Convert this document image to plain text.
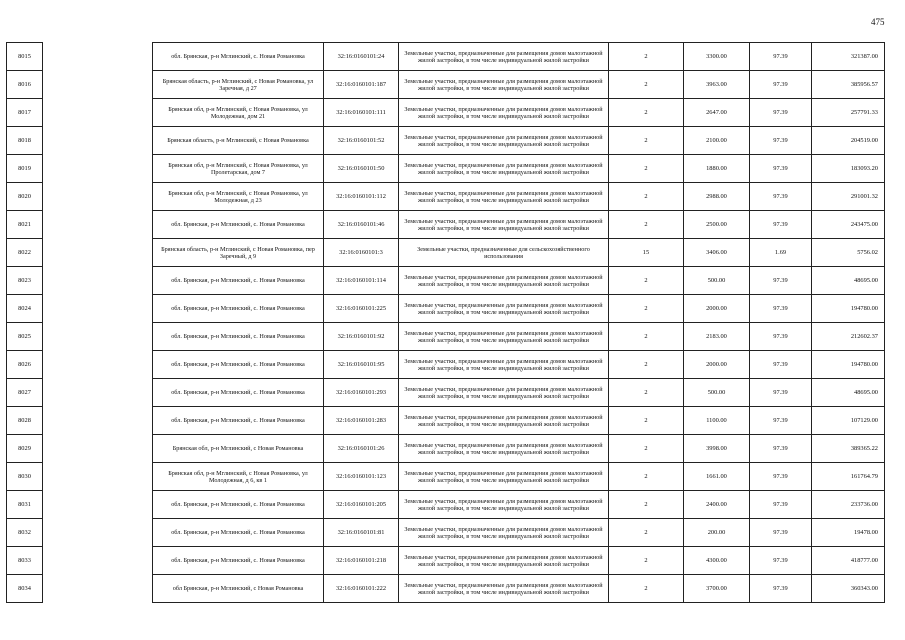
475
8015		обл. Брянская, р-н Мглинский, с. Новая Романовка	32:16:0160101:24	Земельные участки, предназначенные для размещения домов малоэтажной жилой застройки, в том числе индивидуальной жилой застройки	2	3300.00	97.39	321387.00
8016		Брянская область, р-н Мглинский, с Новая Романовка, ул Заречная, д 27	32:16:0160101:187	Земельные участки, предназначенные для размещения домов малоэтажной жилой застройки, в том числе индивидуальной жилой застройки	2	3963.00	97.39	385956.57
8017		Брянская обл, р-н Мглинский, с Новая Романовка, ул Молодежная, дом 21	32:16:0160101:111	Земельные участки, предназначенные для размещения домов малоэтажной жилой застройки, в том числе индивидуальной жилой застройки	2	2647.00	97.39	257791.33
8018		Брянская область, р-н Мглинский, с Новая Романовка	32:16:0160101:52	Земельные участки, предназначенные для размещения домов малоэтажной жилой застройки, в том числе индивидуальной жилой застройки	2	2100.00	97.39	204519.00
8019		Брянская обл, р-н Мглинский, с Новая Романовка, ул Пролетарская, дом 7	32:16:0160101:50	Земельные участки, предназначенные для размещения домов малоэтажной жилой застройки, в том числе индивидуальной жилой застройки	2	1880.00	97.39	183093.20
8020		Брянская обл, р-н Мглинский, с Новая Романовка, ул Молодежная, д 23	32:16:0160101:112	Земельные участки, предназначенные для размещения домов малоэтажной жилой застройки, в том числе индивидуальной жилой застройки	2	2988.00	97.39	291001.32
8021		обл. Брянская, р-н Мглинский, с. Новая Романовка	32:16:0160101:46	Земельные участки, предназначенные для размещения домов малоэтажной жилой застройки, в том числе индивидуальной жилой застройки	2	2500.00	97.39	243475.00
8022		Брянская область, р-н Мглинский, с Новая Романовка, пер Заречный, д 9	32:16:0160101:3	Земельные участки, предназначенные для сельскохозяйственного использования	15	3406.00	1.69	5756.02
8023		обл. Брянская, р-н Мглинский, с. Новая Романовка	32:16:0160101:114	Земельные участки, предназначенные для размещения домов малоэтажной жилой застройки, в том числе индивидуальной жилой застройки	2	500.00	97.39	48695.00
8024		обл. Брянская, р-н Мглинский, с. Новая Романовка	32:16:0160101:225	Земельные участки, предназначенные для размещения домов малоэтажной жилой застройки, в том числе индивидуальной жилой застройки	2	2000.00	97.39	194780.00
8025		обл. Брянская, р-н Мглинский, с. Новая Романовка	32:16:0160101:92	Земельные участки, предназначенные для размещения домов малоэтажной жилой застройки, в том числе индивидуальной жилой застройки	2	2183.00	97.39	212602.37
8026		обл. Брянская, р-н Мглинский, с. Новая Романовка	32:16:0160101:95	Земельные участки, предназначенные для размещения домов малоэтажной жилой застройки, в том числе индивидуальной жилой застройки	2	2000.00	97.39	194780.00
8027		обл. Брянская, р-н Мглинский, с. Новая Романовка	32:16:0160101:293	Земельные участки, предназначенные для размещения домов малоэтажной жилой застройки, в том числе индивидуальной жилой застройки	2	500.00	97.39	48695.00
8028		обл. Брянская, р-н Мглинский, с. Новая Романовка	32:16:0160101:283	Земельные участки, предназначенные для размещения домов малоэтажной жилой застройки, в том числе индивидуальной жилой застройки	2	1100.00	97.39	107129.00
8029		Брянская обл, р-н Мглинский, с Новая Романовка	32:16:0160101:26	Земельные участки, предназначенные для размещения домов малоэтажной жилой застройки, в том числе индивидуальной жилой застройки	2	3998.00	97.39	389365.22
8030		Брянская обл, р-н Мглинский, с Новая Романовка, ул Молодежная, д 6, кв 1	32:16:0160101:123	Земельные участки, предназначенные для размещения домов малоэтажной жилой застройки, в том числе индивидуальной жилой застройки	2	1661.00	97.39	161764.79
8031		обл. Брянская, р-н Мглинский, с. Новая Романовка	32:16:0160101:205	Земельные участки, предназначенные для размещения домов малоэтажной жилой застройки, в том числе индивидуальной жилой застройки	2	2400.00	97.39	233736.00
8032		обл. Брянская, р-н Мглинский, с. Новая Романовка	32:16:0160101:81	Земельные участки, предназначенные для размещения домов малоэтажной жилой застройки, в том числе индивидуальной жилой застройки	2	200.00	97.39	19478.00
8033		обл. Брянская, р-н Мглинский, с. Новая Романовка	32:16:0160101:218	Земельные участки, предназначенные для размещения домов малоэтажной жилой застройки, в том числе индивидуальной жилой застройки	2	4300.00	97.39	418777.00
8034		обл Брянская, р-н Мглинский, с Новая Романовка	32:16:0160101:222	Земельные участки, предназначенные для размещения домов малоэтажной жилой застройки, в том числе индивидуальной жилой застройки	2	3700.00	97.39	360343.00
